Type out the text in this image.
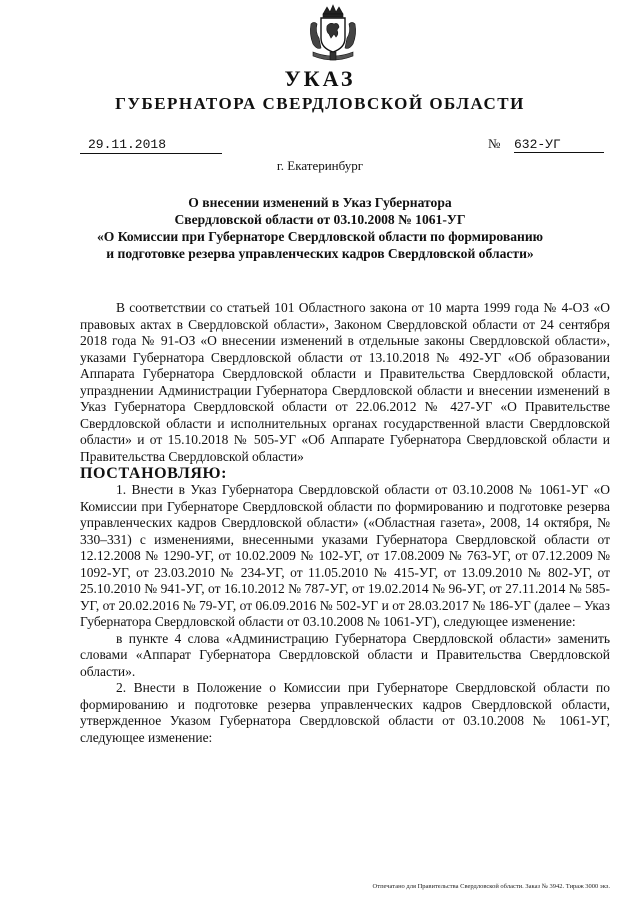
УКАЗ
ГУБЕРНАТОРА СВЕРДЛОВСКОЙ ОБЛАСТИ
29.11.2018	№ 632-УГ
г. Екатеринбург
О внесении изменений в Указ Губернатора
Свердловской области от 03.10.2008 № 1061-УГ
«О Комиссии при Губернаторе Свердловской области по формированию
и подготовке резерва управленческих кадров Свердловской области»

В соответствии со статьей 101 Областного закона от 10 марта 1999 года № 4-ОЗ «О правовых актах в Свердловской области», Законом Свердловской области от 24 сентября 2018 года № 91-ОЗ «О внесении изменений в отдельные законы Свердловской области», указами Губернатора Свердловской области от 13.10.2018 № 492-УГ «Об образовании Аппарата Губернатора Свердловской области и Правительства Свердловской области, упразднении Администрации Губернатора Свердловской области и внесении изменений в Указ Губернатора Свердловской области от 22.06.2012 № 427-УГ «О Правительстве Свердловской области и исполнительных органах государственной власти Свердловской области» и от 15.10.2018 № 505-УГ «Об Аппарате Губернатора Свердловской области и Правительства Свердловской области»

ПОСТАНОВЛЯЮ:

1. Внести в Указ Губернатора Свердловской области от 03.10.2008 № 1061-УГ «О Комиссии при Губернаторе Свердловской области по формированию и подготовке резерва управленческих кадров Свердловской области» («Областная газета», 2008, 14 октября, № 330–331) с изменениями, внесенными указами Губернатора Свердловской области от 12.12.2008 № 1290-УГ, от 10.02.2009 № 102-УГ, от 17.08.2009 № 763-УГ, от 07.12.2009 № 1092-УГ, от 23.03.2010 № 234-УГ, от 11.05.2010 № 415-УГ, от 13.09.2010 № 802-УГ, от 25.10.2010 № 941-УГ, от 16.10.2012 № 787-УГ, от 19.02.2014 № 96-УГ, от 27.11.2014 № 585-УГ, от 20.02.2016 № 79-УГ, от 06.09.2016 № 502-УГ и от 28.03.2017 № 186-УГ (далее – Указ Губернатора Свердловской области от 03.10.2008 № 1061-УГ), следующее изменение:

в пункте 4 слова «Администрацию Губернатора Свердловской области» заменить словами «Аппарат Губернатора Свердловской области и Правительства Свердловской области».

2. Внести в Положение о Комиссии при Губернаторе Свердловской области по формированию и подготовке резерва управленческих кадров Свердловской области, утвержденное Указом Губернатора Свердловской области от 03.10.2008 № 1061-УГ, следующее изменение:

Отпечатано для Правительства Свердловской области. Заказ № 3942. Тираж 3000 экз.
